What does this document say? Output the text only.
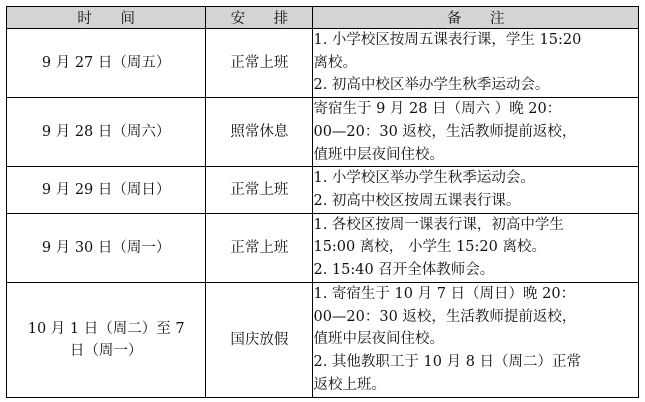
时 间	安 排	备 注

9 月 27 日（周五）	正常上班	1. 小学校区按周五课表行课，学生 15:20
离校。
2. 初高中校区举办学生秋季运动会。

9 月 28 日（周六）	照常休息	寄宿生于 9 月 28 日（周六 ）晚 20：
00—20：30 返校，生活教师提前返校，
值班中层夜间住校。

9 月 29 日（周日）	正常上班	1. 小学校区举办学生秋季运动会。
2. 初高中校区按周五课表行课。

9 月 30 日（周一）	正常上班	1. 各校区按周一课表行课，初高中学生
15:00 离校， 小学生 15:20 离校。
2. 15:40 召开全体教师会。

10 月 1 日（周二）至 7
日（周一）	国庆放假	1. 寄宿生于 10 月 7 日（周日）晚 20：
00—20：30 返校，生活教师提前返校，
值班中层夜间住校。
2. 其他教职工于 10 月 8 日（周二）正常
返校上班。
